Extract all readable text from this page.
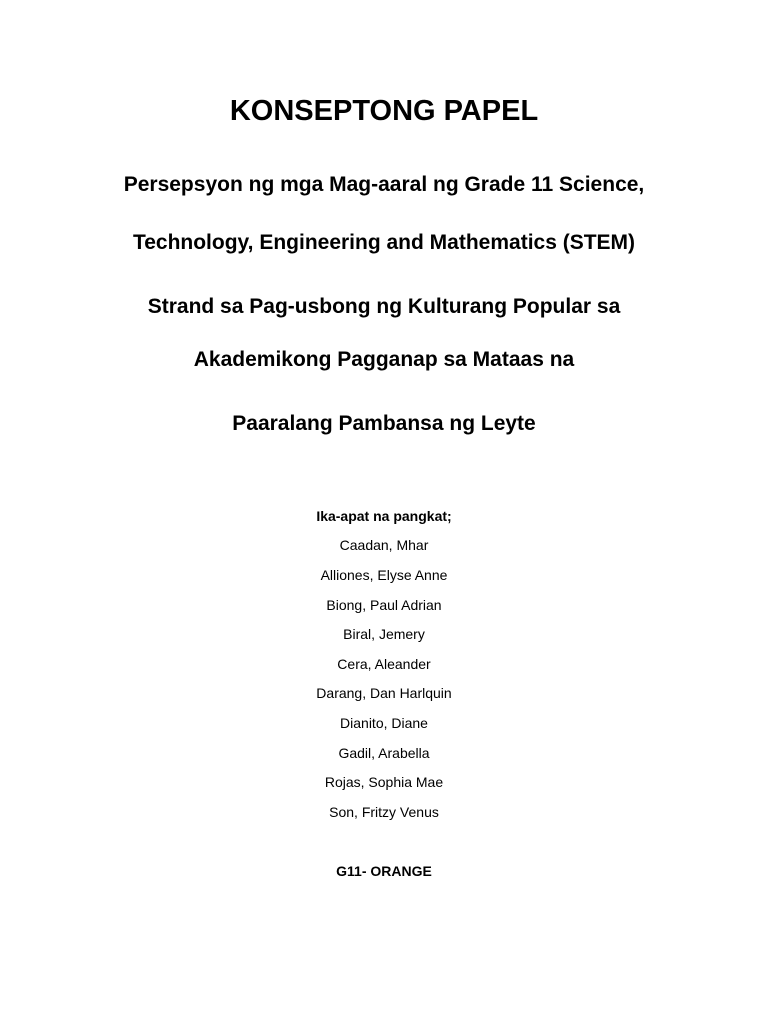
KONSEPTONG PAPEL
Persepsyon ng mga Mag-aaral ng Grade 11 Science,
Technology, Engineering and Mathematics (STEM)
Strand sa Pag-usbong ng Kulturang Popular sa
Akademikong Pagganap sa Mataas na
Paaralang Pambansa ng Leyte
Ika-apat na pangkat;
Caadan, Mhar
Alliones, Elyse Anne
Biong, Paul Adrian
Biral, Jemery
Cera, Aleander
Darang, Dan Harlquin
Dianito, Diane
Gadil, Arabella
Rojas, Sophia Mae
Son, Fritzy Venus
G11- ORANGE
